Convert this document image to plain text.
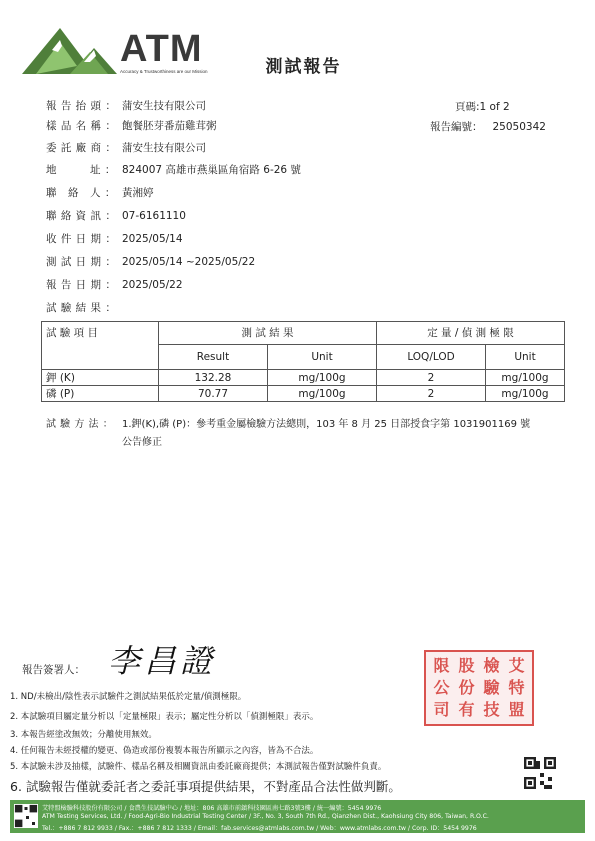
ATM
Accuracy & Trustworthiness are our Mission	測試報告
頁碼:1 of 2
報告編號： 25050342
報 告 抬 頭 ： 蒲安生技有限公司
樣 品 名 稱 ： 飽餐胚芽番茄雞茸粥
委 託 廠 商 ： 蒲安生技有限公司
地　　　址 ： 824007 高雄市燕巢區角宿路 6-26 號
聯　絡　人 ： 黃湘婷
聯 絡 資 訊 ： 07-6161110
收 件 日 期 ： 2025/05/14
測 試 日 期 ： 2025/05/14 ~2025/05/22
報 告 日 期 ： 2025/05/22
試 驗 結 果 ：
試 驗 項 目	測 試 結 果		定 量 / 偵 測 極 限	
	Result	Unit	LOQ/LOD	Unit
鉀 (K)	132.28	mg/100g	2	mg/100g
磷 (P)	70.77	mg/100g	2	mg/100g
試 驗 方 法 ： 1.鉀(K),磷 (P)：參考重金屬檢驗方法總則，103 年 8 月 25 日部授食字第 1031901169 號
公告修正
報告簽署人： 李昌證	限 股 檢 艾
公 份 驗 特
司 有 技 盟
1. ND/未檢出/陰性表示試驗件之測試結果低於定量/偵測極限。
2. 本試驗項目屬定量分析以「定量極限」表示；屬定性分析以「偵測極限」表示。
3. 本報告經塗改無效；分離使用無效。
4. 任何報告未經授權的變更、偽造或部份複製本報告所顯示之內容，皆為不合法。
5. 本試驗未涉及抽樣，試驗件、樣品名稱及相關資訊由委託廠商提供；本測試報告僅對試驗件負責。
6. 試驗報告僅就委託者之委託事項提供結果，不對產品合法性做判斷。
艾特盟檢驗科技股份有限公司 / 食農生技試驗中心 / 地址：806 高雄市前鎮科技園區南七路3號3樓 / 統一編號：5454 9976
ATM Testing Services, Ltd. / Food-Agri-Bio Industrial Testing Center / 3F., No. 3, South 7th Rd., Qianzhen Dist., Kaohsiung City 806, Taiwan, R.O.C.
Tel.：+886 7 812 9933 / Fax.：+886 7 812 1333 / Email：fab.services@atmlabs.com.tw / Web：www.atmlabs.com.tw / Corp. ID：5454 9976
